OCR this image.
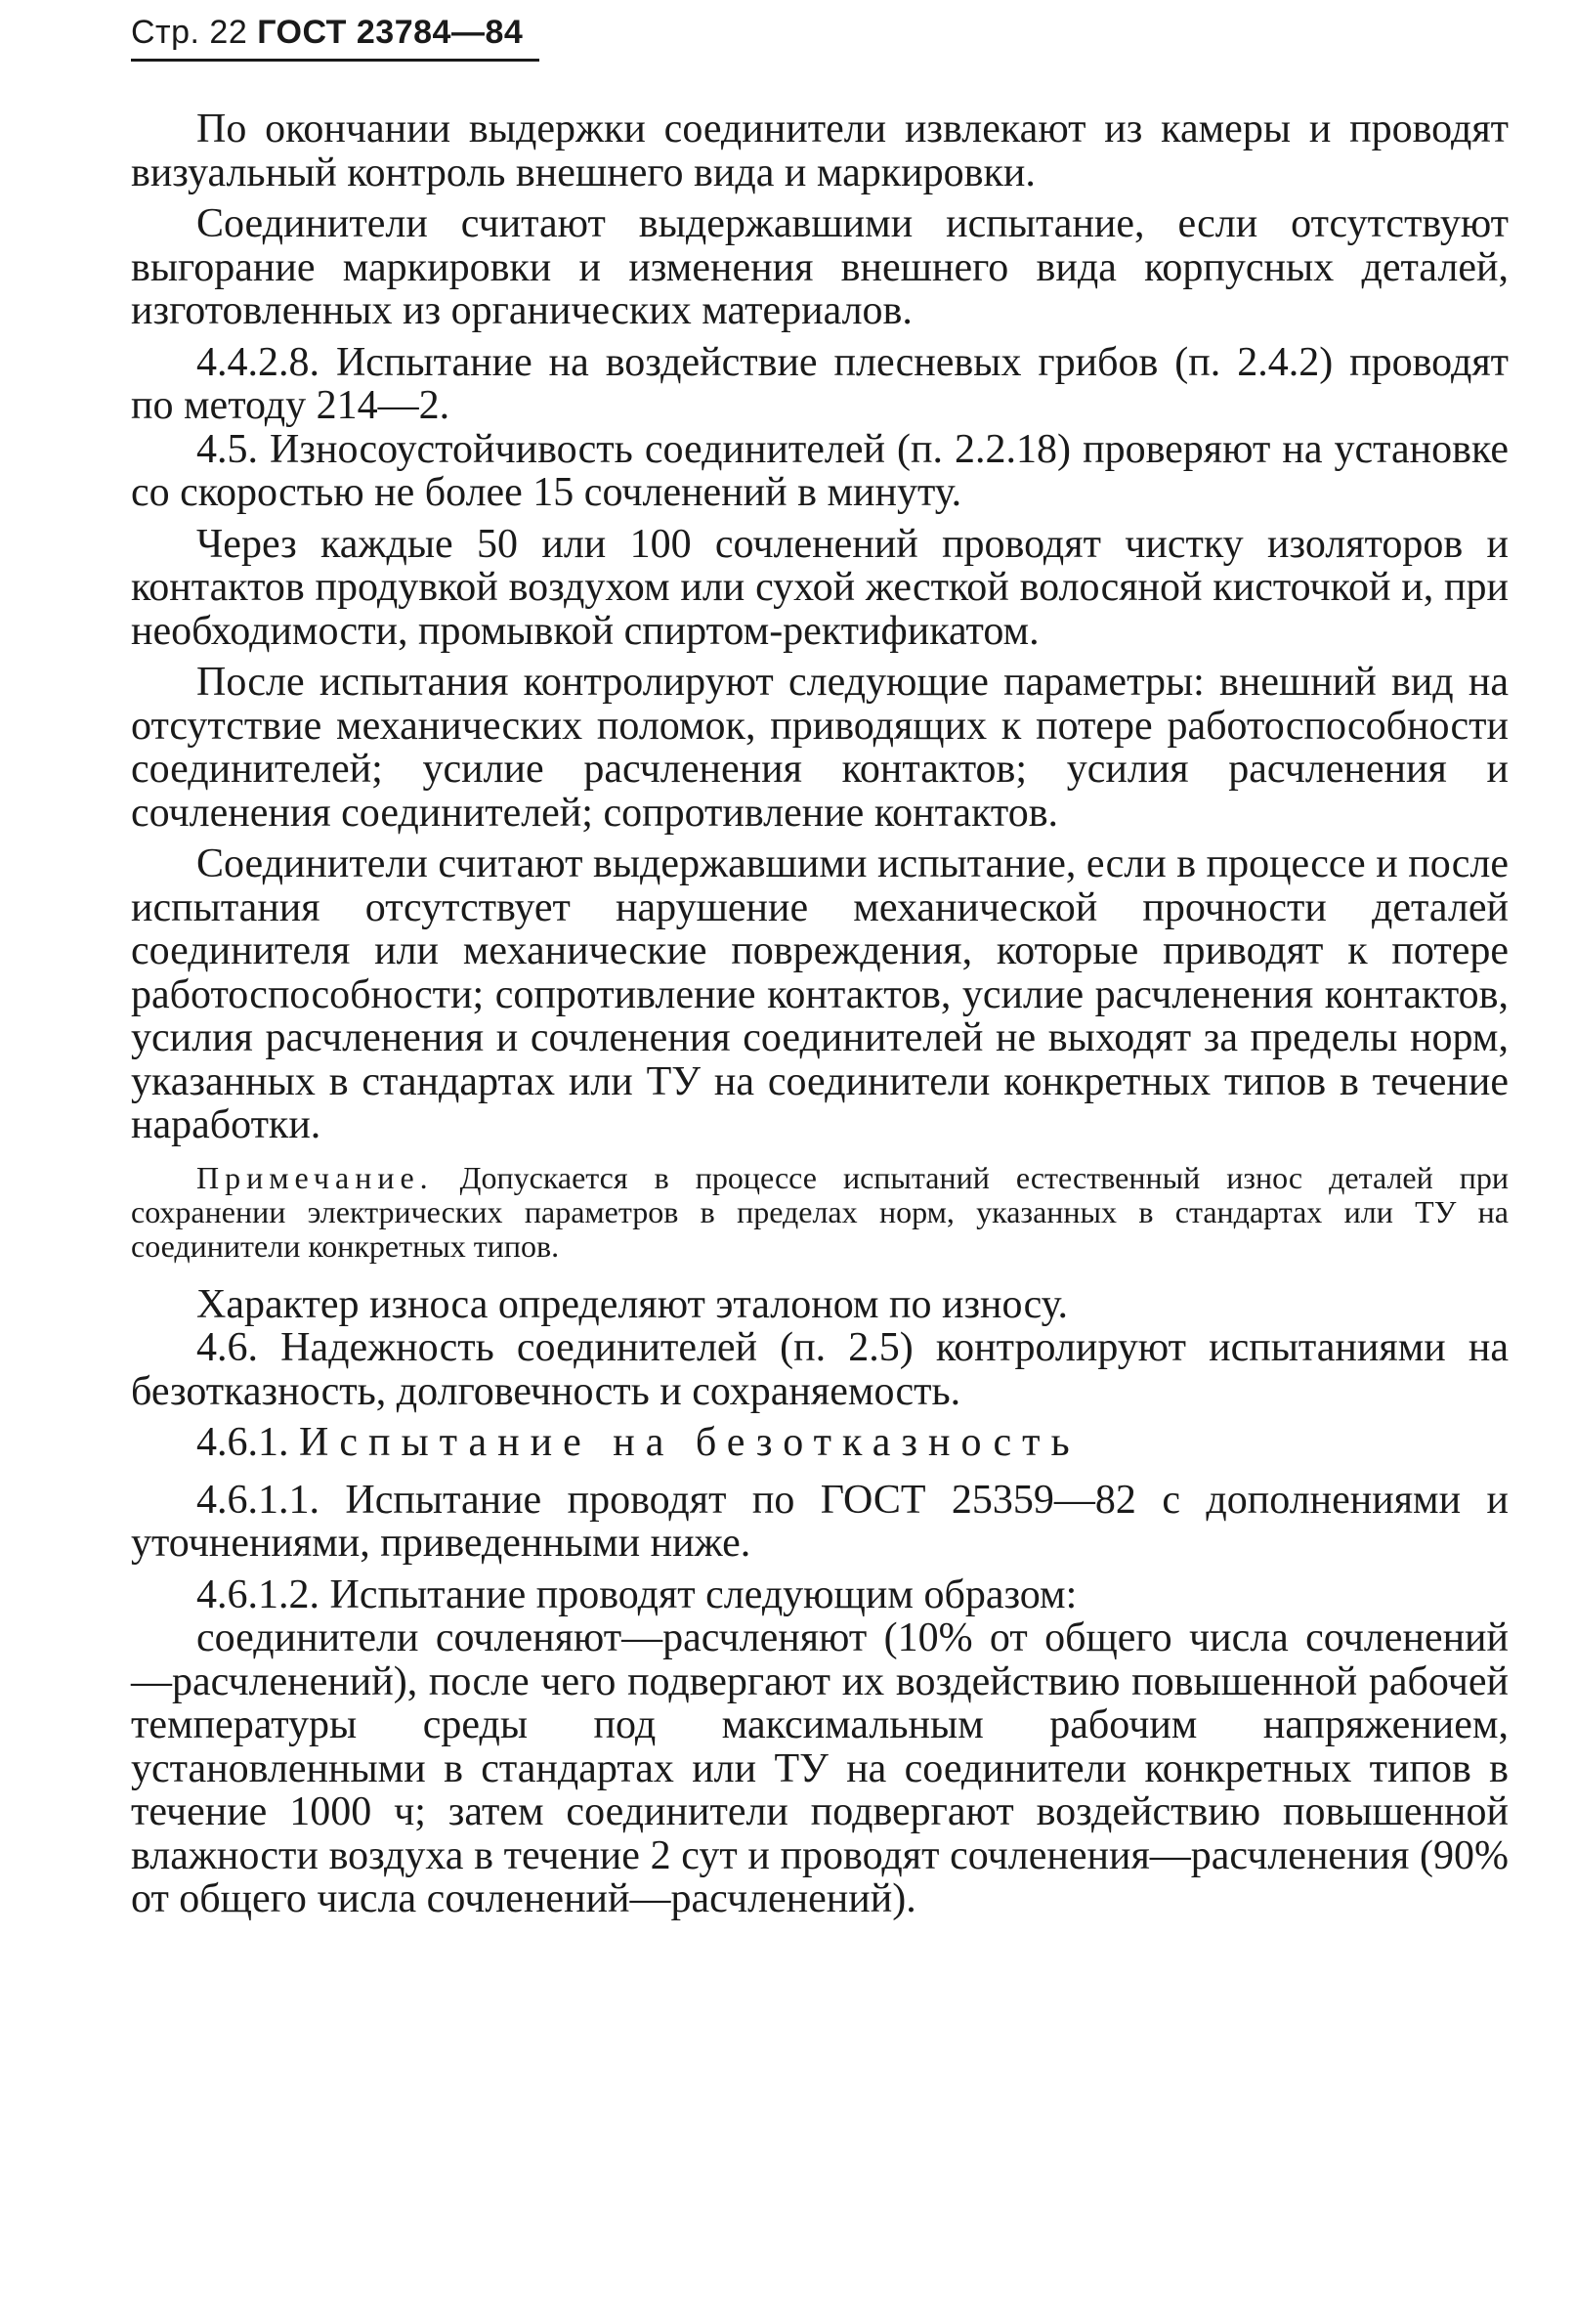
Стр. 22 ГОСТ 23784—84

По окончании выдержки соединители извлекают из камеры и проводят визуальный контроль внешнего вида и маркировки.

Соединители считают выдержавшими испытание, если отсутствуют выгорание маркировки и изменения внешнего вида корпусных деталей, изготовленных из органических материалов.

4.4.2.8. Испытание на воздействие плесневых грибов (п. 2.4.2) проводят по методу 214—2.

4.5. Износоустойчивость соединителей (п. 2.2.18) проверяют на установке со скоростью не более 15 сочленений в минуту.

Через каждые 50 или 100 сочленений проводят чистку изоляторов и контактов продувкой воздухом или сухой жесткой волосяной кисточкой и, при необходимости, промывкой спиртом-ректификатом.

После испытания контролируют следующие параметры: внешний вид на отсутствие механических поломок, приводящих к потере работоспособности соединителей; усилие расчленения контактов; усилия расчленения и сочленения соединителей; сопротивление контактов.

Соединители считают выдержавшими испытание, если в процессе и после испытания отсутствует нарушение механической прочности деталей соединителя или механические повреждения, которые приводят к потере работоспособности; сопротивление контактов, усилие расчленения контактов, усилия расчленения и сочленения соединителей не выходят за пределы норм, указанных в стандартах или ТУ на соединители конкретных типов в течение наработки.

Примечание. Допускается в процессе испытаний естественный износ деталей при сохранении электрических параметров в пределах норм, указанных в стандартах или ТУ на соединители конкретных типов.

Характер износа определяют эталоном по износу.

4.6. Надежность соединителей (п. 2.5) контролируют испытаниями на безотказность, долговечность и сохраняемость.

4.6.1. Испытание на безотказность

4.6.1.1. Испытание проводят по ГОСТ 25359—82 с дополнениями и уточнениями, приведенными ниже.

4.6.1.2. Испытание проводят следующим образом:

соединители сочленяют—расчленяют (10% от общего числа сочленений—расчленений), после чего подвергают их воздействию повышенной рабочей температуры среды под максимальным рабочим напряжением, установленными в стандартах или ТУ на соединители конкретных типов в течение 1000 ч; затем соединители подвергают воздействию повышенной влажности воздуха в течение 2 сут и проводят сочленения—расчленения (90% от общего числа сочленений—расчленений).
